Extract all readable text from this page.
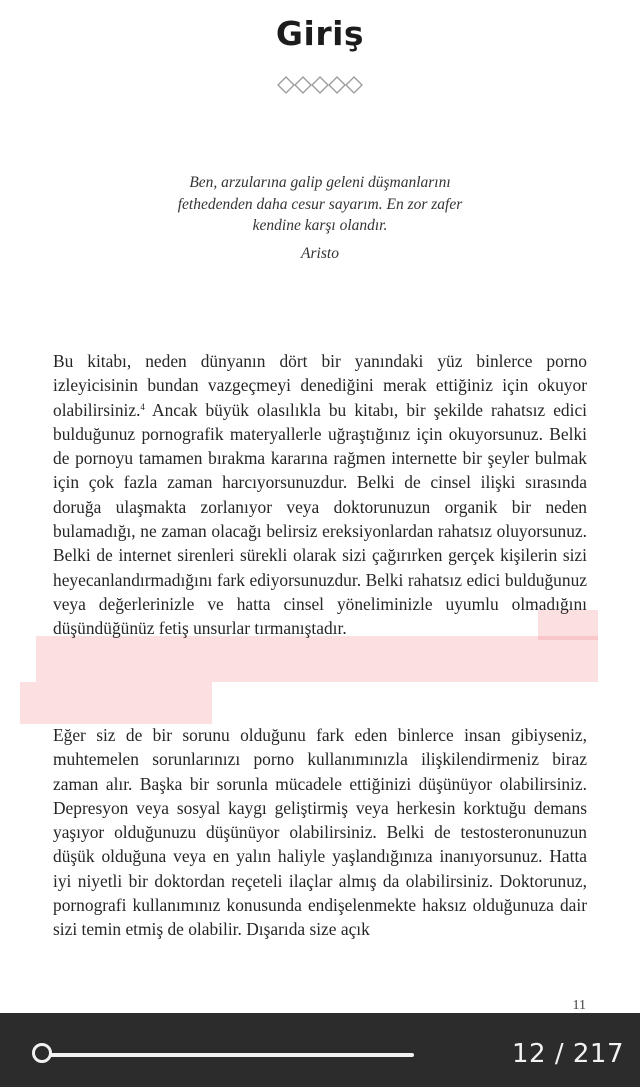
Giriş
Ben, arzularına galip geleni düşmanlarını
fethedenden daha cesur sayarım. En zor zafer
kendine karşı olandır.
Aristo
Bu kitabı, neden dünyanın dört bir yanındaki yüz binlerce porno izleyicisinin bundan vazgeçmeyi denediğini merak ettiğiniz için okuyor olabilirsiniz.$^4$ Ancak büyük olasılıkla bu kitabı, bir şekilde rahatsız edici bulduğunuz pornografik materyallerle uğraştığınız için okuyorsunuz. Belki de pornoyu tamamen bırakma kararına rağmen internette bir şeyler bulmak için çok fazla zaman harcıyorsunuzdur. Belki de cinsel ilişki sırasında doruğa ulaşmakta zorlanıyor veya doktorunuzun organik bir neden bulamadığı, ne zaman olacağı belirsiz ereksiyonlardan rahatsız oluyorsunuz. Belki de internet sirenleri sürekli olarak sizi çağırırken gerçek kişilerin sizi heyecanlandırmadığını fark ediyorsunuzdur. Belki rahatsız edici bulduğunuz veya değerlerinizle ve hatta cinsel yöneliminizle uyumlu olmadığını düşündüğünüz fetiş unsurlar tırmanıştadır.
Eğer siz de bir sorunu olduğunu fark eden binlerce insan gibiyseniz, muhtemelen sorunlarınızı porno kullanımınızla ilişkilendirmeniz biraz zaman alır. Başka bir sorunla mücadele ettiğinizi düşünüyor olabilirsiniz. Depresyon veya sosyal kaygı geliştirmiş veya herkesin korktuğu demans yaşıyor olduğunuzu düşünüyor olabilirsiniz. Belki de testosteronunuzun düşük olduğuna veya en yalın haliyle yaşlandığınıza inanıyorsunuz. Hatta iyi niyetli bir doktordan reçeteli ilaçlar almış da olabilirsiniz. Doktorunuz, pornografi kullanımınız konusunda endişelenmekte haksız olduğunuza dair sizi temin etmiş de olabilir. Dışarıda size açık
11
12 / 217
